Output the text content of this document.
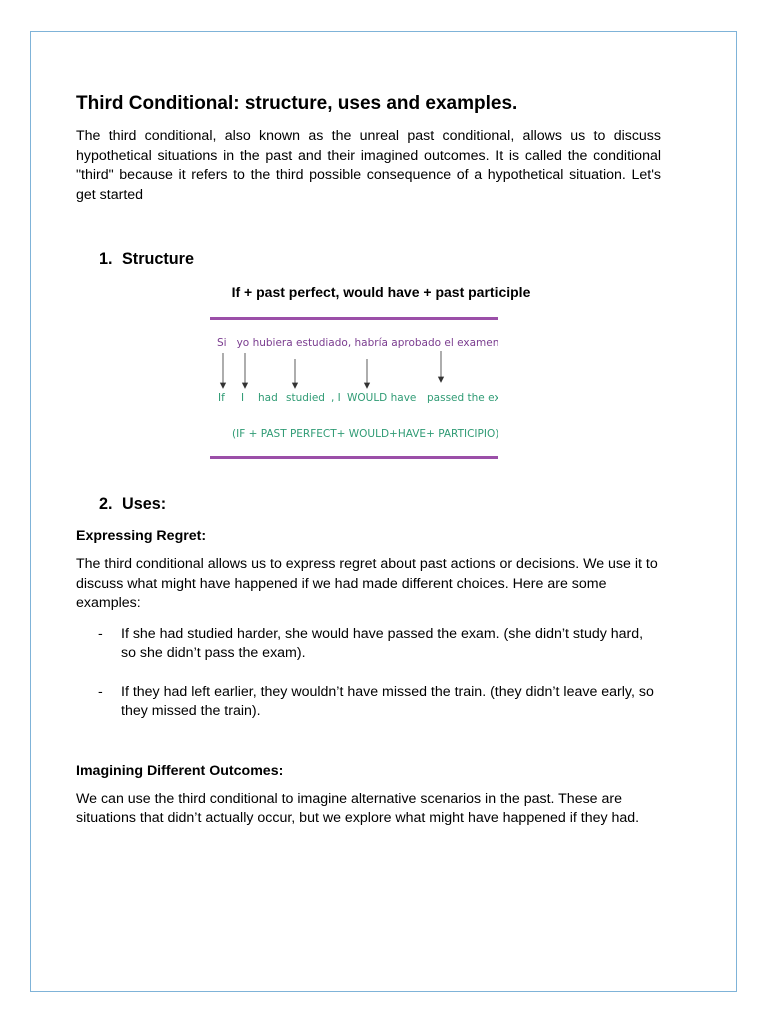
Third Conditional: structure, uses and examples.

The third conditional, also known as the unreal past conditional, allows us to discuss hypothetical situations in the past and their imagined outcomes. It is called the conditional "third" because it refers to the third possible consequence of a hypothetical situation. Let's get started

1. Structure
If + past perfect, would have + past participle
Si   yo hubiera estudiado, habría aprobado el examen
If I had studied , I WOULD have passed the ex
(IF + PAST PERFECT+ WOULD+HAVE+ PARTICIPIO)
2. Uses:
Expressing Regret:

The third conditional allows us to express regret about past actions or decisions. We use it to discuss what might have happened if we had made different choices. Here are some examples:

-	If she had studied harder, she would have passed the exam. (she didn’t study hard, so she didn’t pass the exam).
-	If they had left earlier, they wouldn’t have missed the train. (they didn’t leave early, so they missed the train).
Imagining Different Outcomes:

We can use the third conditional to imagine alternative scenarios in the past. These are situations that didn’t actually occur, but we explore what might have happened if they had.
